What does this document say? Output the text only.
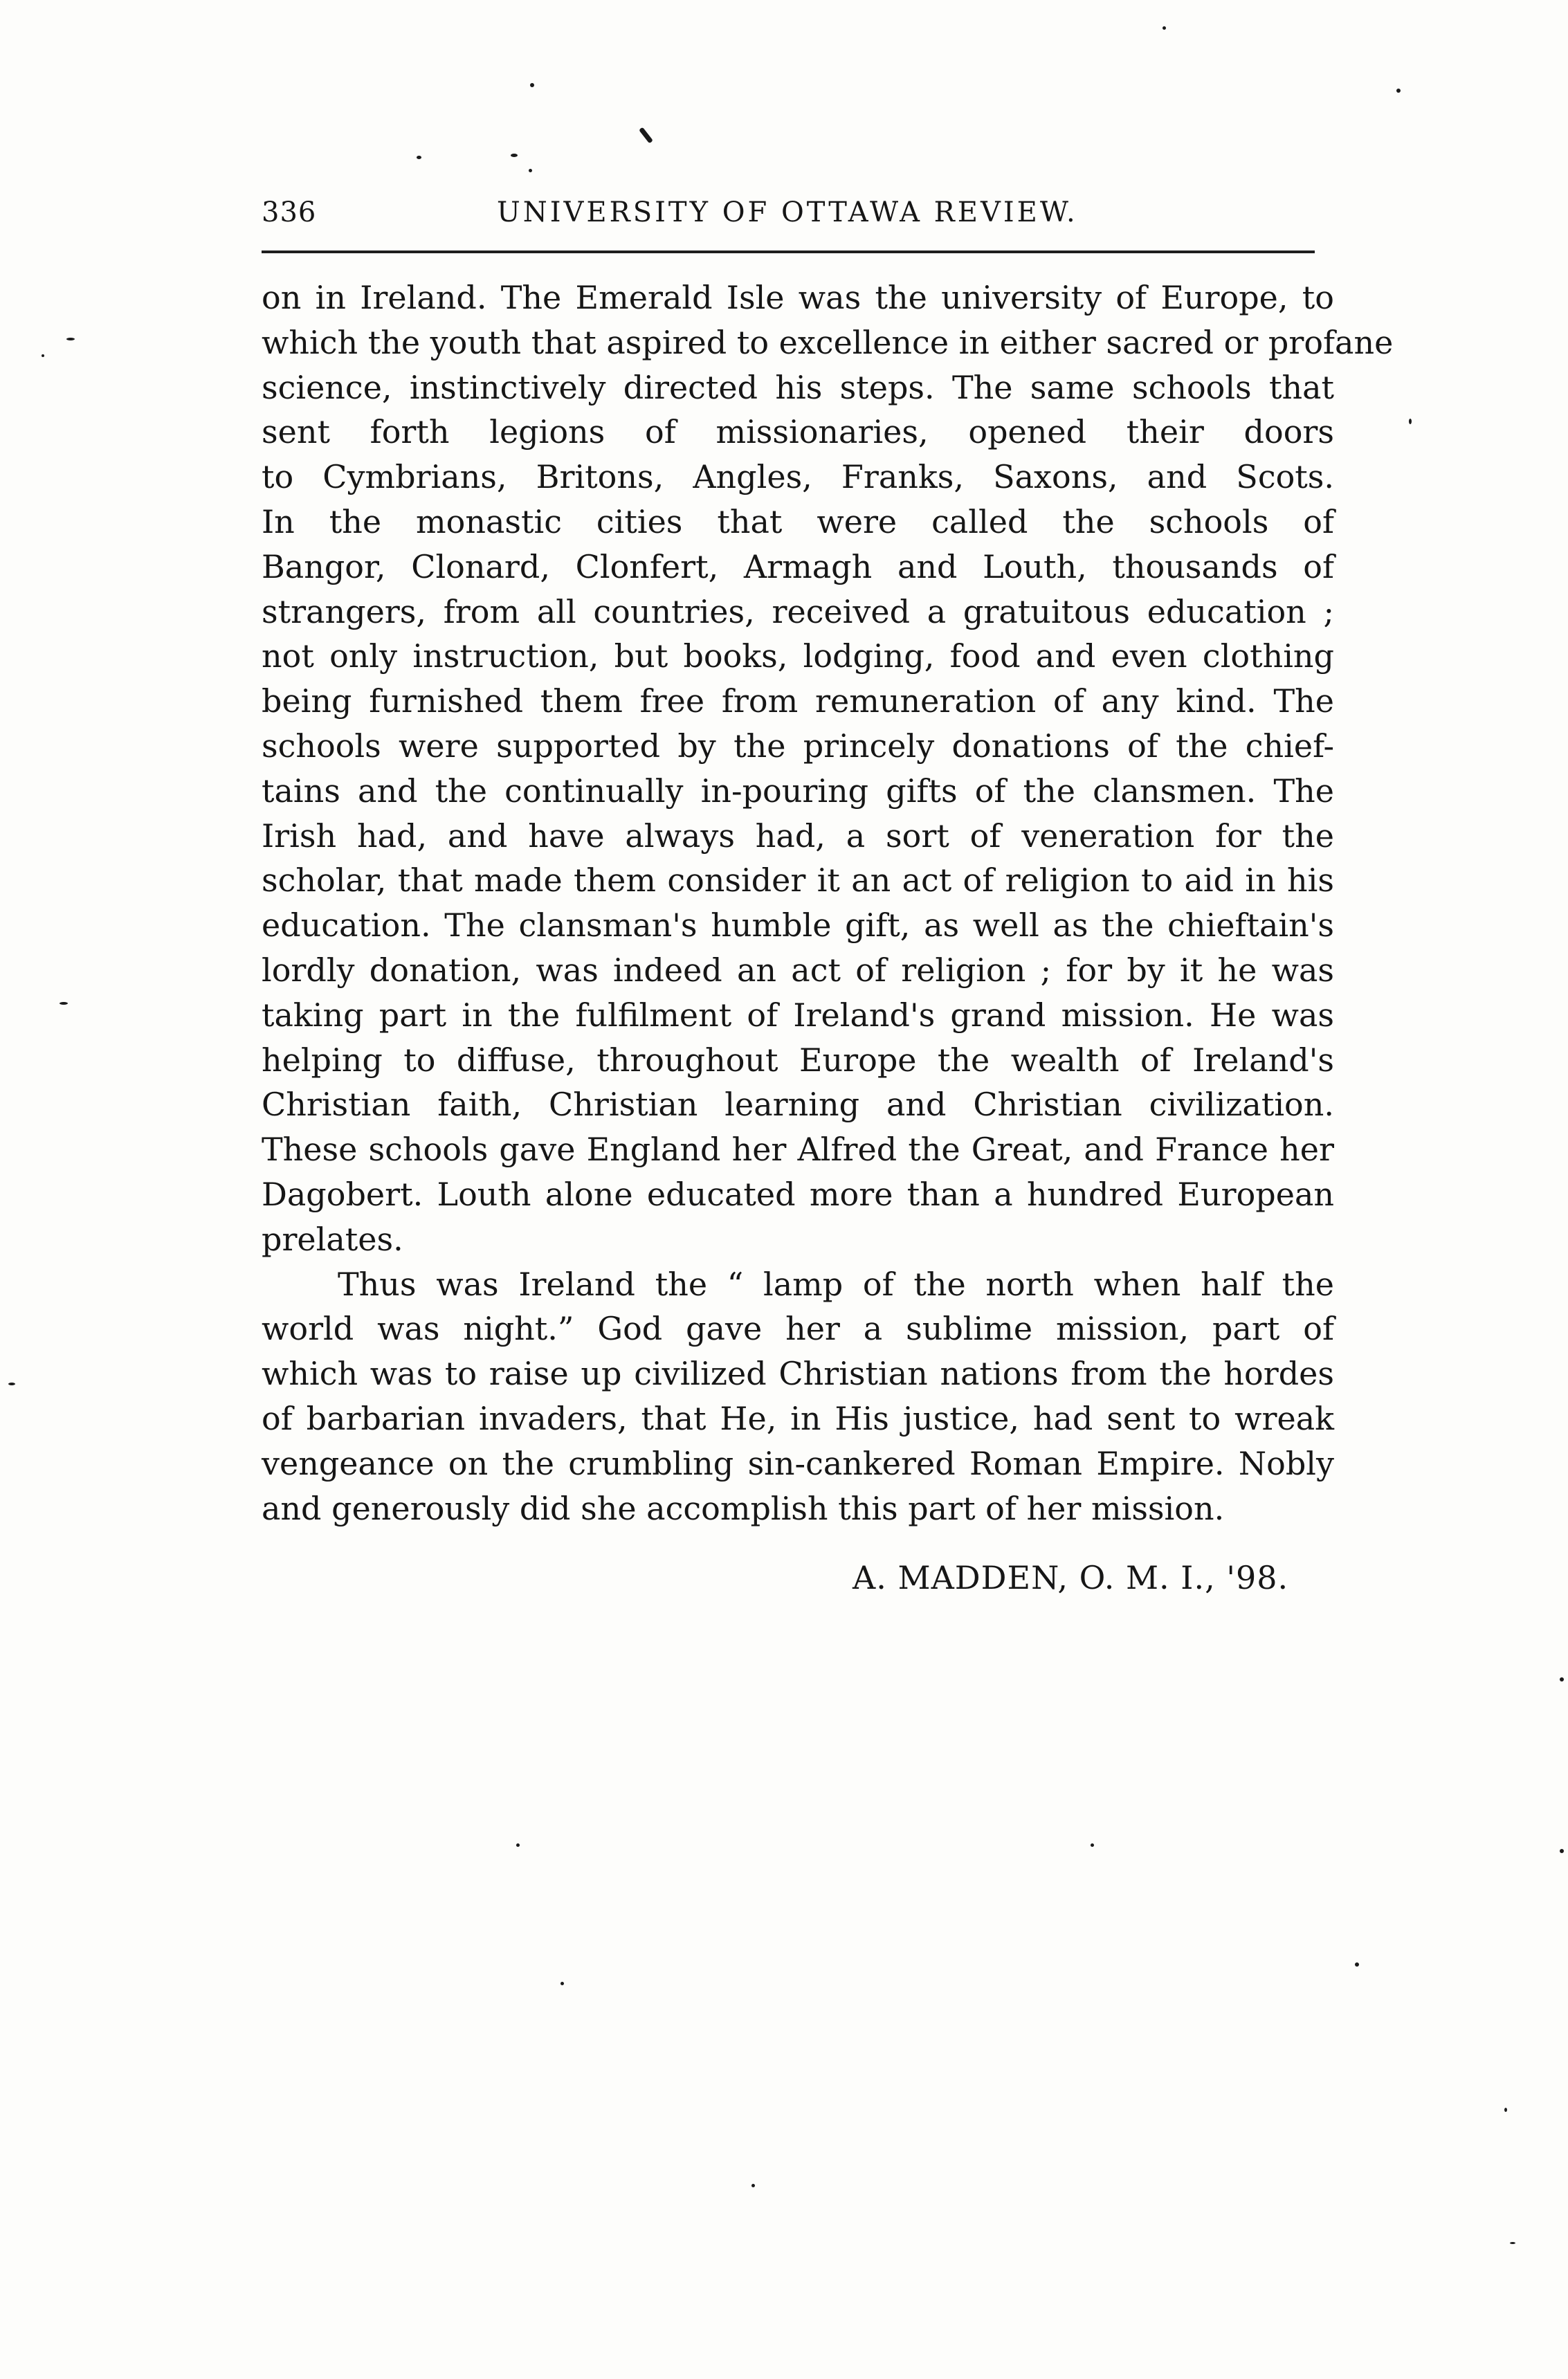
336	UNIVERSITY OF OTTAWA REVIEW.
on in Ireland. The Emerald Isle was the university of Europe, to
which the youth that aspired to excellence in either sacred or profane
science, instinctively directed his steps. The same schools that
sent forth legions of missionaries, opened their doors
to Cymbrians, Britons, Angles, Franks, Saxons, and Scots.
In the monastic cities that were called the schools of
Bangor, Clonard, Clonfert, Armagh and Louth, thousands of
strangers, from all countries, received a gratuitous education ;
not only instruction, but books, lodging, food and even clothing
being furnished them free from remuneration of any kind. The
schools were supported by the princely donations of the chief-
tains and the continually in-pouring gifts of the clansmen. The
Irish had, and have always had, a sort of veneration for the
scholar, that made them consider it an act of religion to aid in his
education. The clansman's humble gift, as well as the chieftain's
lordly donation, was indeed an act of religion ; for by it he was
taking part in the fulfilment of Ireland's grand mission. He was
helping to diffuse, throughout Europe the wealth of Ireland's
Christian faith, Christian learning and Christian civilization.
These schools gave England her Alfred the Great, and France her
Dagobert. Louth alone educated more than a hundred European
prelates.
Thus was Ireland the “ lamp of the north when half the
world was night.” God gave her a sublime mission, part of
which was to raise up civilized Christian nations from the hordes
of barbarian invaders, that He, in His justice, had sent to wreak
vengeance on the crumbling sin-cankered Roman Empire. Nobly
and generously did she accomplish this part of her mission.
A. MADDEN, O. M. I., '98.
